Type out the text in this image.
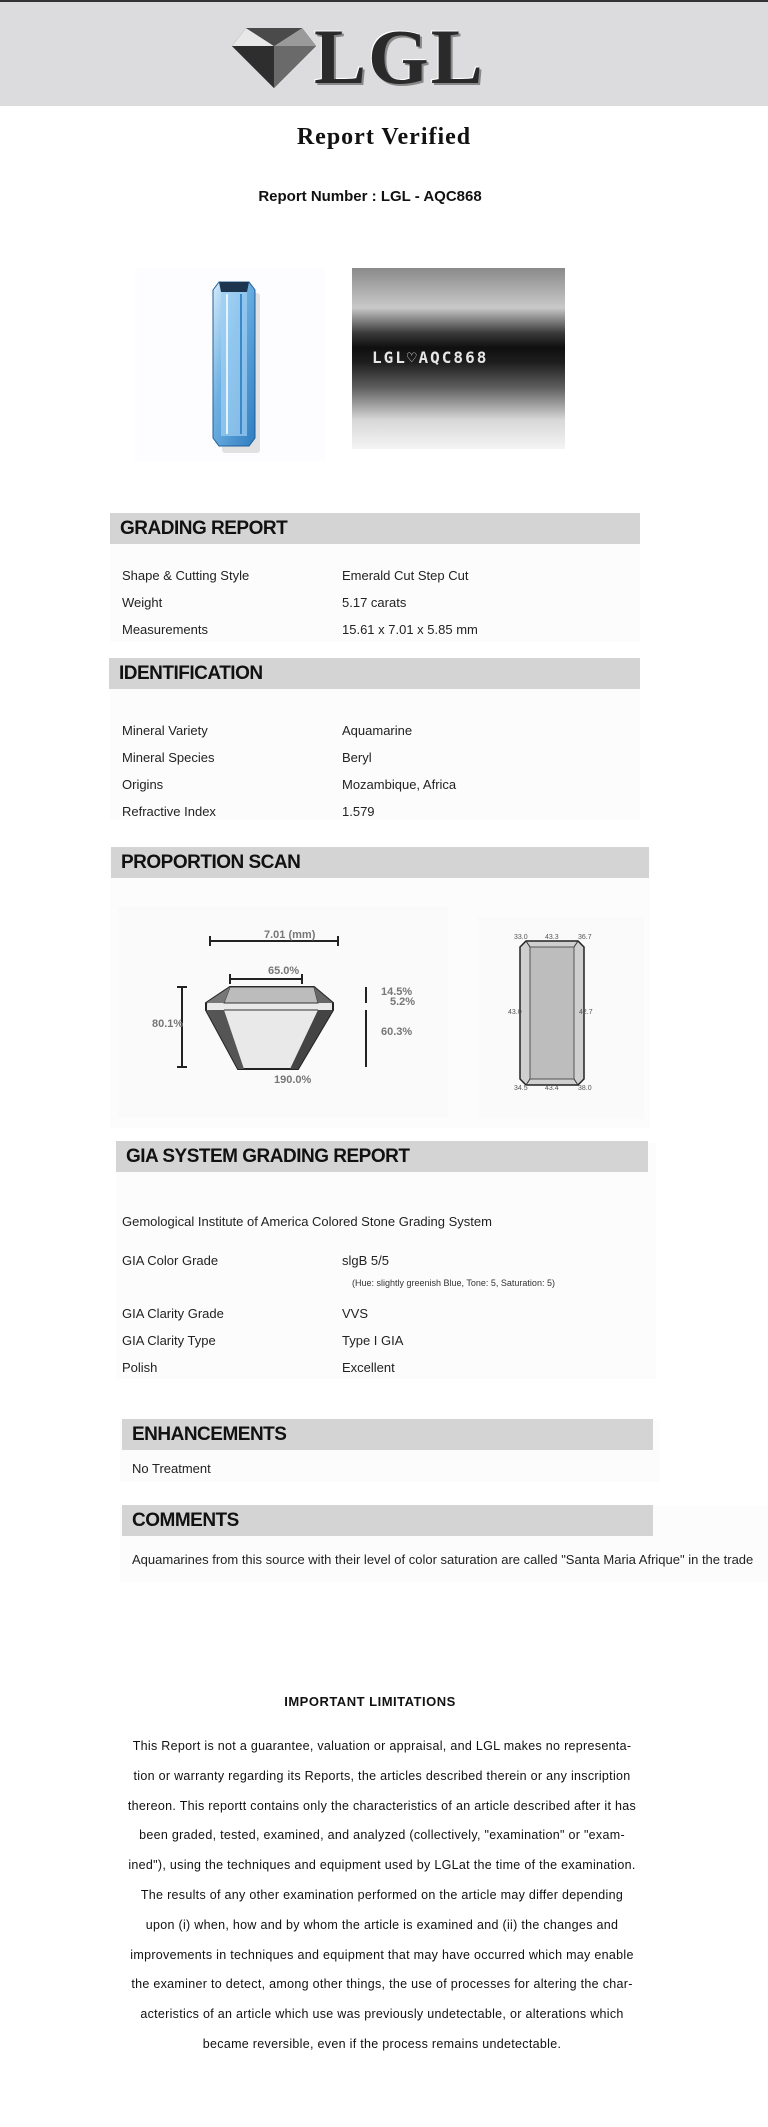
LGL
Report Verified
Report Number : LGL - AQC868
LGL♡AQC868
GRADING REPORT
Shape & Cutting Style	Emerald Cut Step Cut
Weight	5.17 carats
Measurements	15.61 x 7.01 x 5.85 mm
IDENTIFICATION
Mineral Variety	Aquamarine
Mineral Species	Beryl
Origins	Mozambique, Africa
Refractive Index	1.579
PROPORTION SCAN
7.01 (mm)
65.0%
80.1%
14.5%
5.2%
60.3%
190.0%
33.0 43.3	36.7
43.0	42.7
34.5 43.4	38.0
GIA SYSTEM GRADING REPORT
Gemological Institute of America Colored Stone Grading System
GIA Color Grade	slgB 5/5
(Hue: slightly greenish Blue, Tone: 5, Saturation: 5)
GIA Clarity Grade	VVS
GIA Clarity Type	Type I GIA
Polish	Excellent
ENHANCEMENTS
No Treatment
COMMENTS
Aquamarines from this source with their level of color saturation are called "Santa Maria Afrique" in the trade
IMPORTANT LIMITATIONS
This Report is not a guarantee, valuation or appraisal, and LGL makes no representa-
tion or warranty regarding its Reports, the articles described therein or any inscription
thereon. This reportt contains only the characteristics of an article described after it has
been graded, tested, examined, and analyzed (collectively, "examination" or "exam-
ined"), using the techniques and equipment used by LGLat the time of the examination.
The results of any other examination performed on the article may differ depending
upon (i) when, how and by whom the article is examined and (ii) the changes and
improvements in techniques and equipment that may have occurred which may enable
the examiner to detect, among other things, the use of processes for altering the char-
acteristics of an article which use was previously undetectable, or alterations which
became reversible, even if the process remains undetectable.
